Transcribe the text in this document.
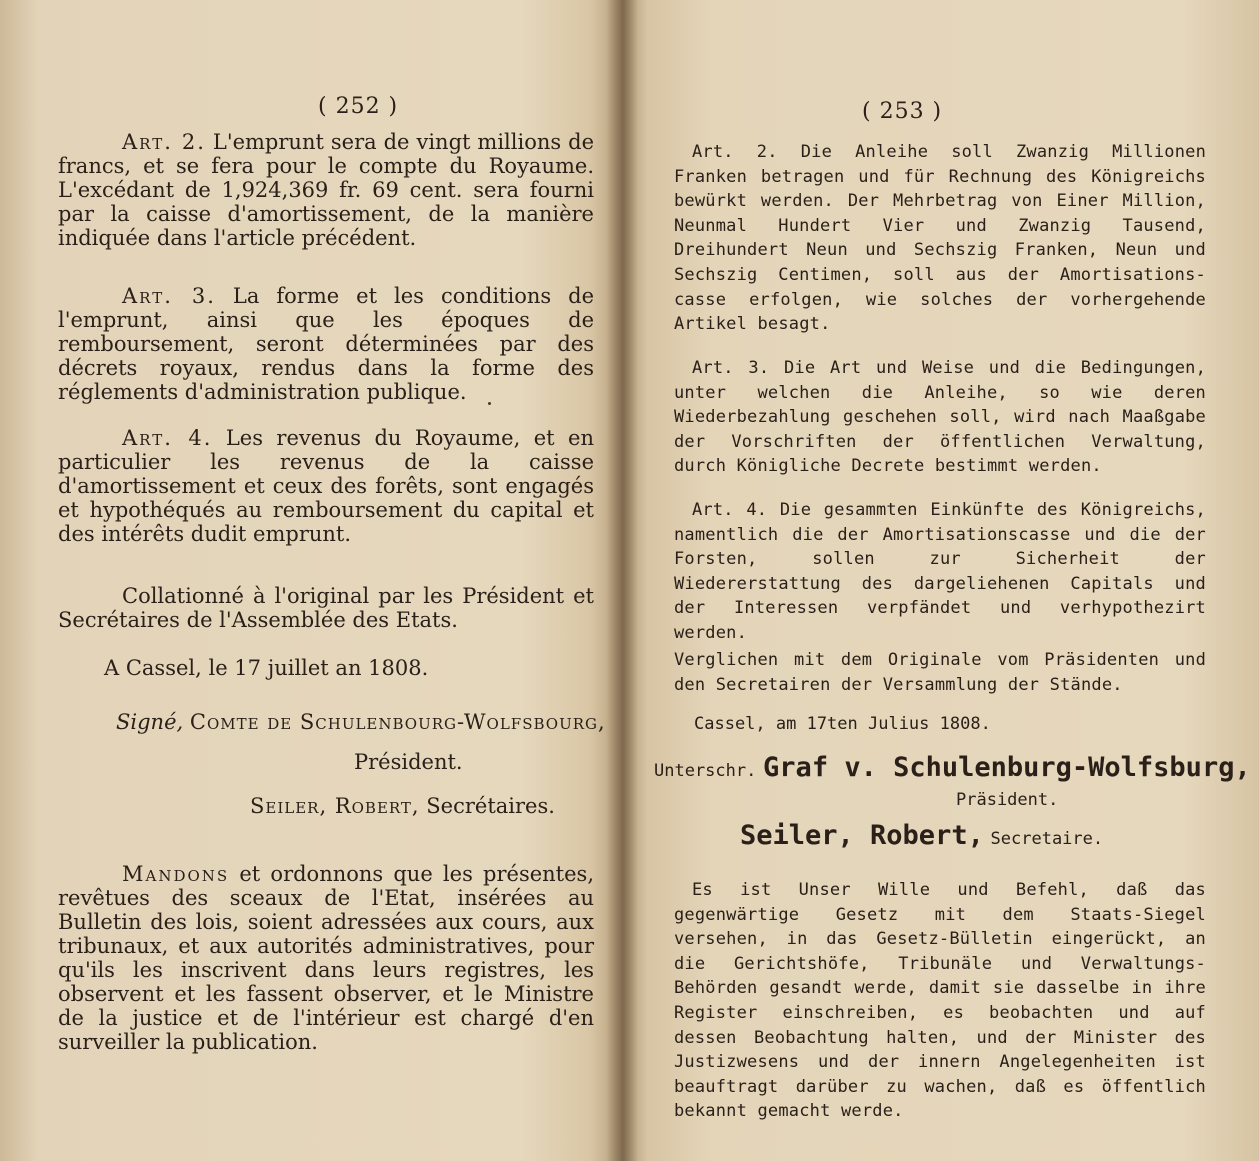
( 252 )

Art. 2. L'emprunt sera de vingt millions de francs, et se fera pour le compte du Royaume. L'excédant de 1,924,369 fr. 69 cent. sera fourni par la caisse d'amortissement, de la manière indiquée dans l'article précédent.

Art. 3. La forme et les conditions de l'emprunt, ainsi que les époques de remboursement, seront déterminées par des décrets royaux, rendus dans la forme des réglements d'administration publique.

Art. 4. Les revenus du Royaume, et en particulier les revenus de la caisse d'amortissement et ceux des forêts, sont engagés et hypothéqués au remboursement du capital et des intérêts dudit emprunt.

Collationné à l'original par les Président et Secrétaires de l'Assemblée des Etats.

A Cassel, le 17 juillet an 1808.

Signé, Comte de Schulenbourg-Wolfsbourg,

Président.

Seiler, Robert, Secrétaires.

Mandons et ordonnons que les présentes, revêtues des sceaux de l'Etat, insérées au Bulletin des lois, soient adressées aux cours, aux tribunaux, et aux autorités administratives, pour qu'ils les inscrivent dans leurs registres, les observent et les fassent observer, et le Ministre de la justice et de l'intérieur est chargé d'en surveiller la publication.

( 253 )

Art. 2. Die Anleihe soll Zwanzig Millionen Franken betragen und für Rechnung des Königreichs bewürkt werden. Der Mehrbetrag von Einer Million, Neunmal Hundert Vier und Zwanzig Tausend, Dreihundert Neun und Sechszig Franken, Neun und Sechszig Centimen, soll aus der Amortisations-casse erfolgen, wie solches der vorhergehende Artikel besagt.

Art. 3. Die Art und Weise und die Bedingungen, unter welchen die Anleihe, so wie deren Wiederbezahlung geschehen soll, wird nach Maaßgabe der Vorschriften der öffentlichen Verwaltung, durch Königliche Decrete bestimmt werden.

Art. 4. Die gesammten Einkünfte des Königreichs, namentlich die der Amortisationscasse und die der Forsten, sollen zur Sicherheit der Wiedererstattung des dargeliehenen Capitals und der Interessen verpfändet und verhypothezirt werden.

Verglichen mit dem Originale vom Präsidenten und den Secretairen der Versammlung der Stände.

Cassel, am 17ten Julius 1808.

Unterschr. Graf v. Schulenburg-Wolfsburg,

Präsident.

Seiler, Robert, Secretaire.

Es ist Unser Wille und Befehl, daß das gegenwärtige Gesetz mit dem Staats-Siegel versehen, in das Gesetz-Bülletin eingerückt, an die Gerichtshöfe, Tribunäle und Verwaltungs-Behörden gesandt werde, damit sie dasselbe in ihre Register einschreiben, es beobachten und auf dessen Beobachtung halten, und der Minister des Justizwesens und der innern Angelegenheiten ist beauftragt darüber zu wachen, daß es öffentlich bekannt gemacht werde.
